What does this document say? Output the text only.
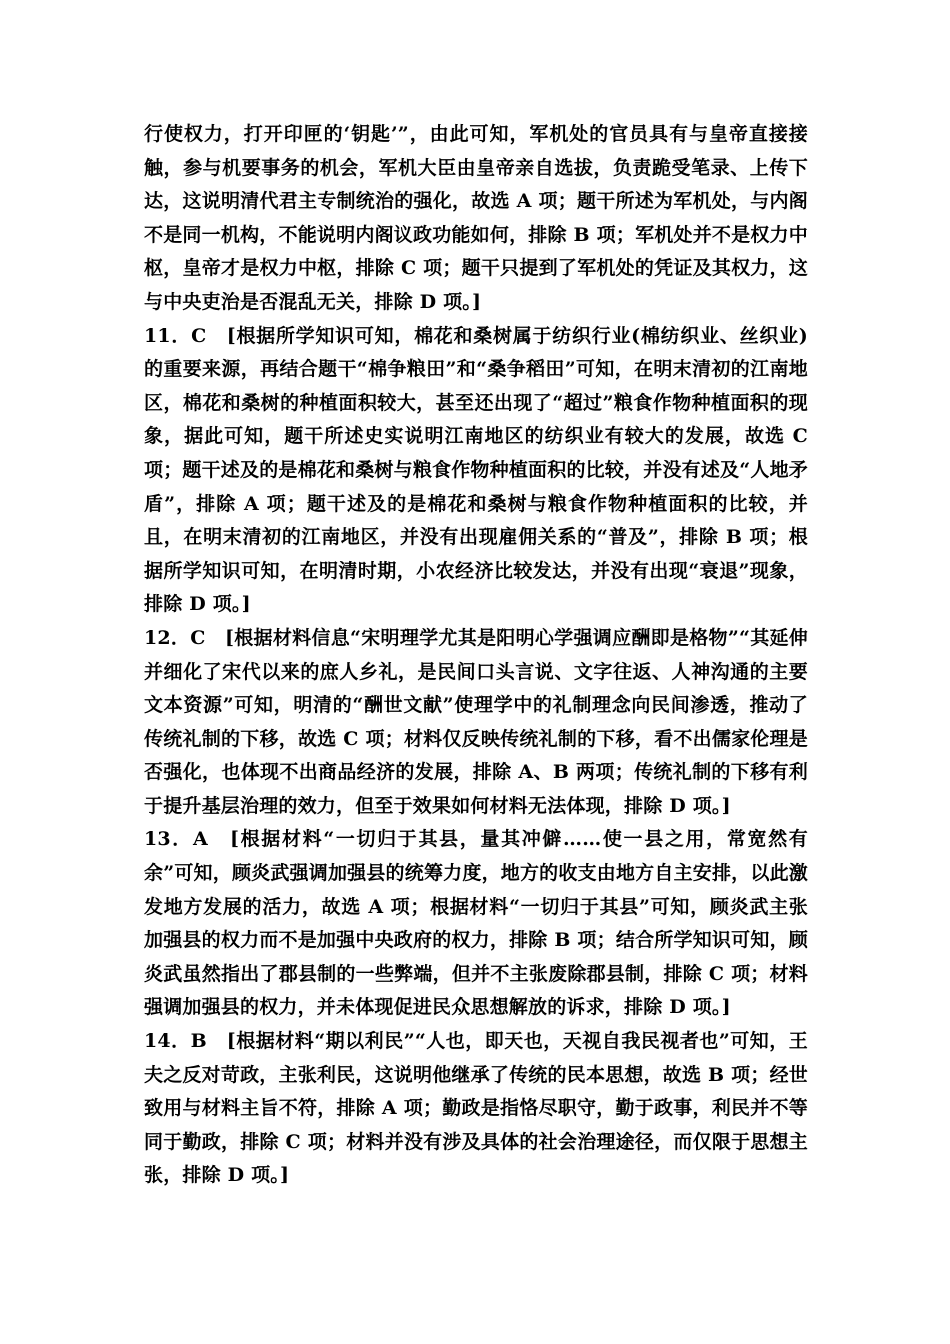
行使权力，打开印匣的‘钥匙’”，由此可知，军机处的官员具有与皇帝直接接触，参与机要事务的机会，军机大臣由皇帝亲自选拔，负责跪受笔录、上传下达，这说明清代君主专制统治的强化，故选 A 项；题干所述为军机处，与内阁不是同一机构，不能说明内阁议政功能如何，排除 B 项；军机处并不是权力中枢，皇帝才是权力中枢，排除 C 项；题干只提到了军机处的凭证及其权力，这与中央吏治是否混乱无关，排除 D 项。]

11．C　[根据所学知识可知，棉花和桑树属于纺织行业(棉纺织业、丝织业)的重要来源，再结合题干“棉争粮田”和“桑争稻田”可知，在明末清初的江南地区，棉花和桑树的种植面积较大，甚至还出现了“超过”粮食作物种植面积的现象，据此可知，题干所述史实说明江南地区的纺织业有较大的发展，故选 C 项；题干述及的是棉花和桑树与粮食作物种植面积的比较，并没有述及“人地矛盾”，排除 A 项；题干述及的是棉花和桑树与粮食作物种植面积的比较，并且，在明末清初的江南地区，并没有出现雇佣关系的“普及”，排除 B 项；根据所学知识可知，在明清时期，小农经济比较发达，并没有出现“衰退”现象，排除 D 项。]

12．C　[根据材料信息“宋明理学尤其是阳明心学强调应酬即是格物”“其延伸并细化了宋代以来的庶人乡礼，是民间口头言说、文字往返、人神沟通的主要文本资源”可知，明清的“酬世文献”使理学中的礼制理念向民间渗透，推动了传统礼制的下移，故选 C 项；材料仅反映传统礼制的下移，看不出儒家伦理是否强化，也体现不出商品经济的发展，排除 A、B 两项；传统礼制的下移有利于提升基层治理的效力，但至于效果如何材料无法体现，排除 D 项。]

13．A　[根据材料“一切归于其县，量其冲僻……使一县之用，常宽然有余”可知，顾炎武强调加强县的统筹力度，地方的收支由地方自主安排，以此激发地方发展的活力，故选 A 项；根据材料“一切归于其县”可知，顾炎武主张加强县的权力而不是加强中央政府的权力，排除 B 项；结合所学知识可知，顾炎武虽然指出了郡县制的一些弊端，但并不主张废除郡县制，排除 C 项；材料强调加强县的权力，并未体现促进民众思想解放的诉求，排除 D 项。]

14．B　[根据材料“期以利民”“人也，即天也，天视自我民视者也”可知，王夫之反对苛政，主张利民，这说明他继承了传统的民本思想，故选 B 项；经世致用与材料主旨不符，排除 A 项；勤政是指恪尽职守，勤于政事，利民并不等同于勤政，排除 C 项；材料并没有涉及具体的社会治理途径，而仅限于思想主张，排除 D 项。]
